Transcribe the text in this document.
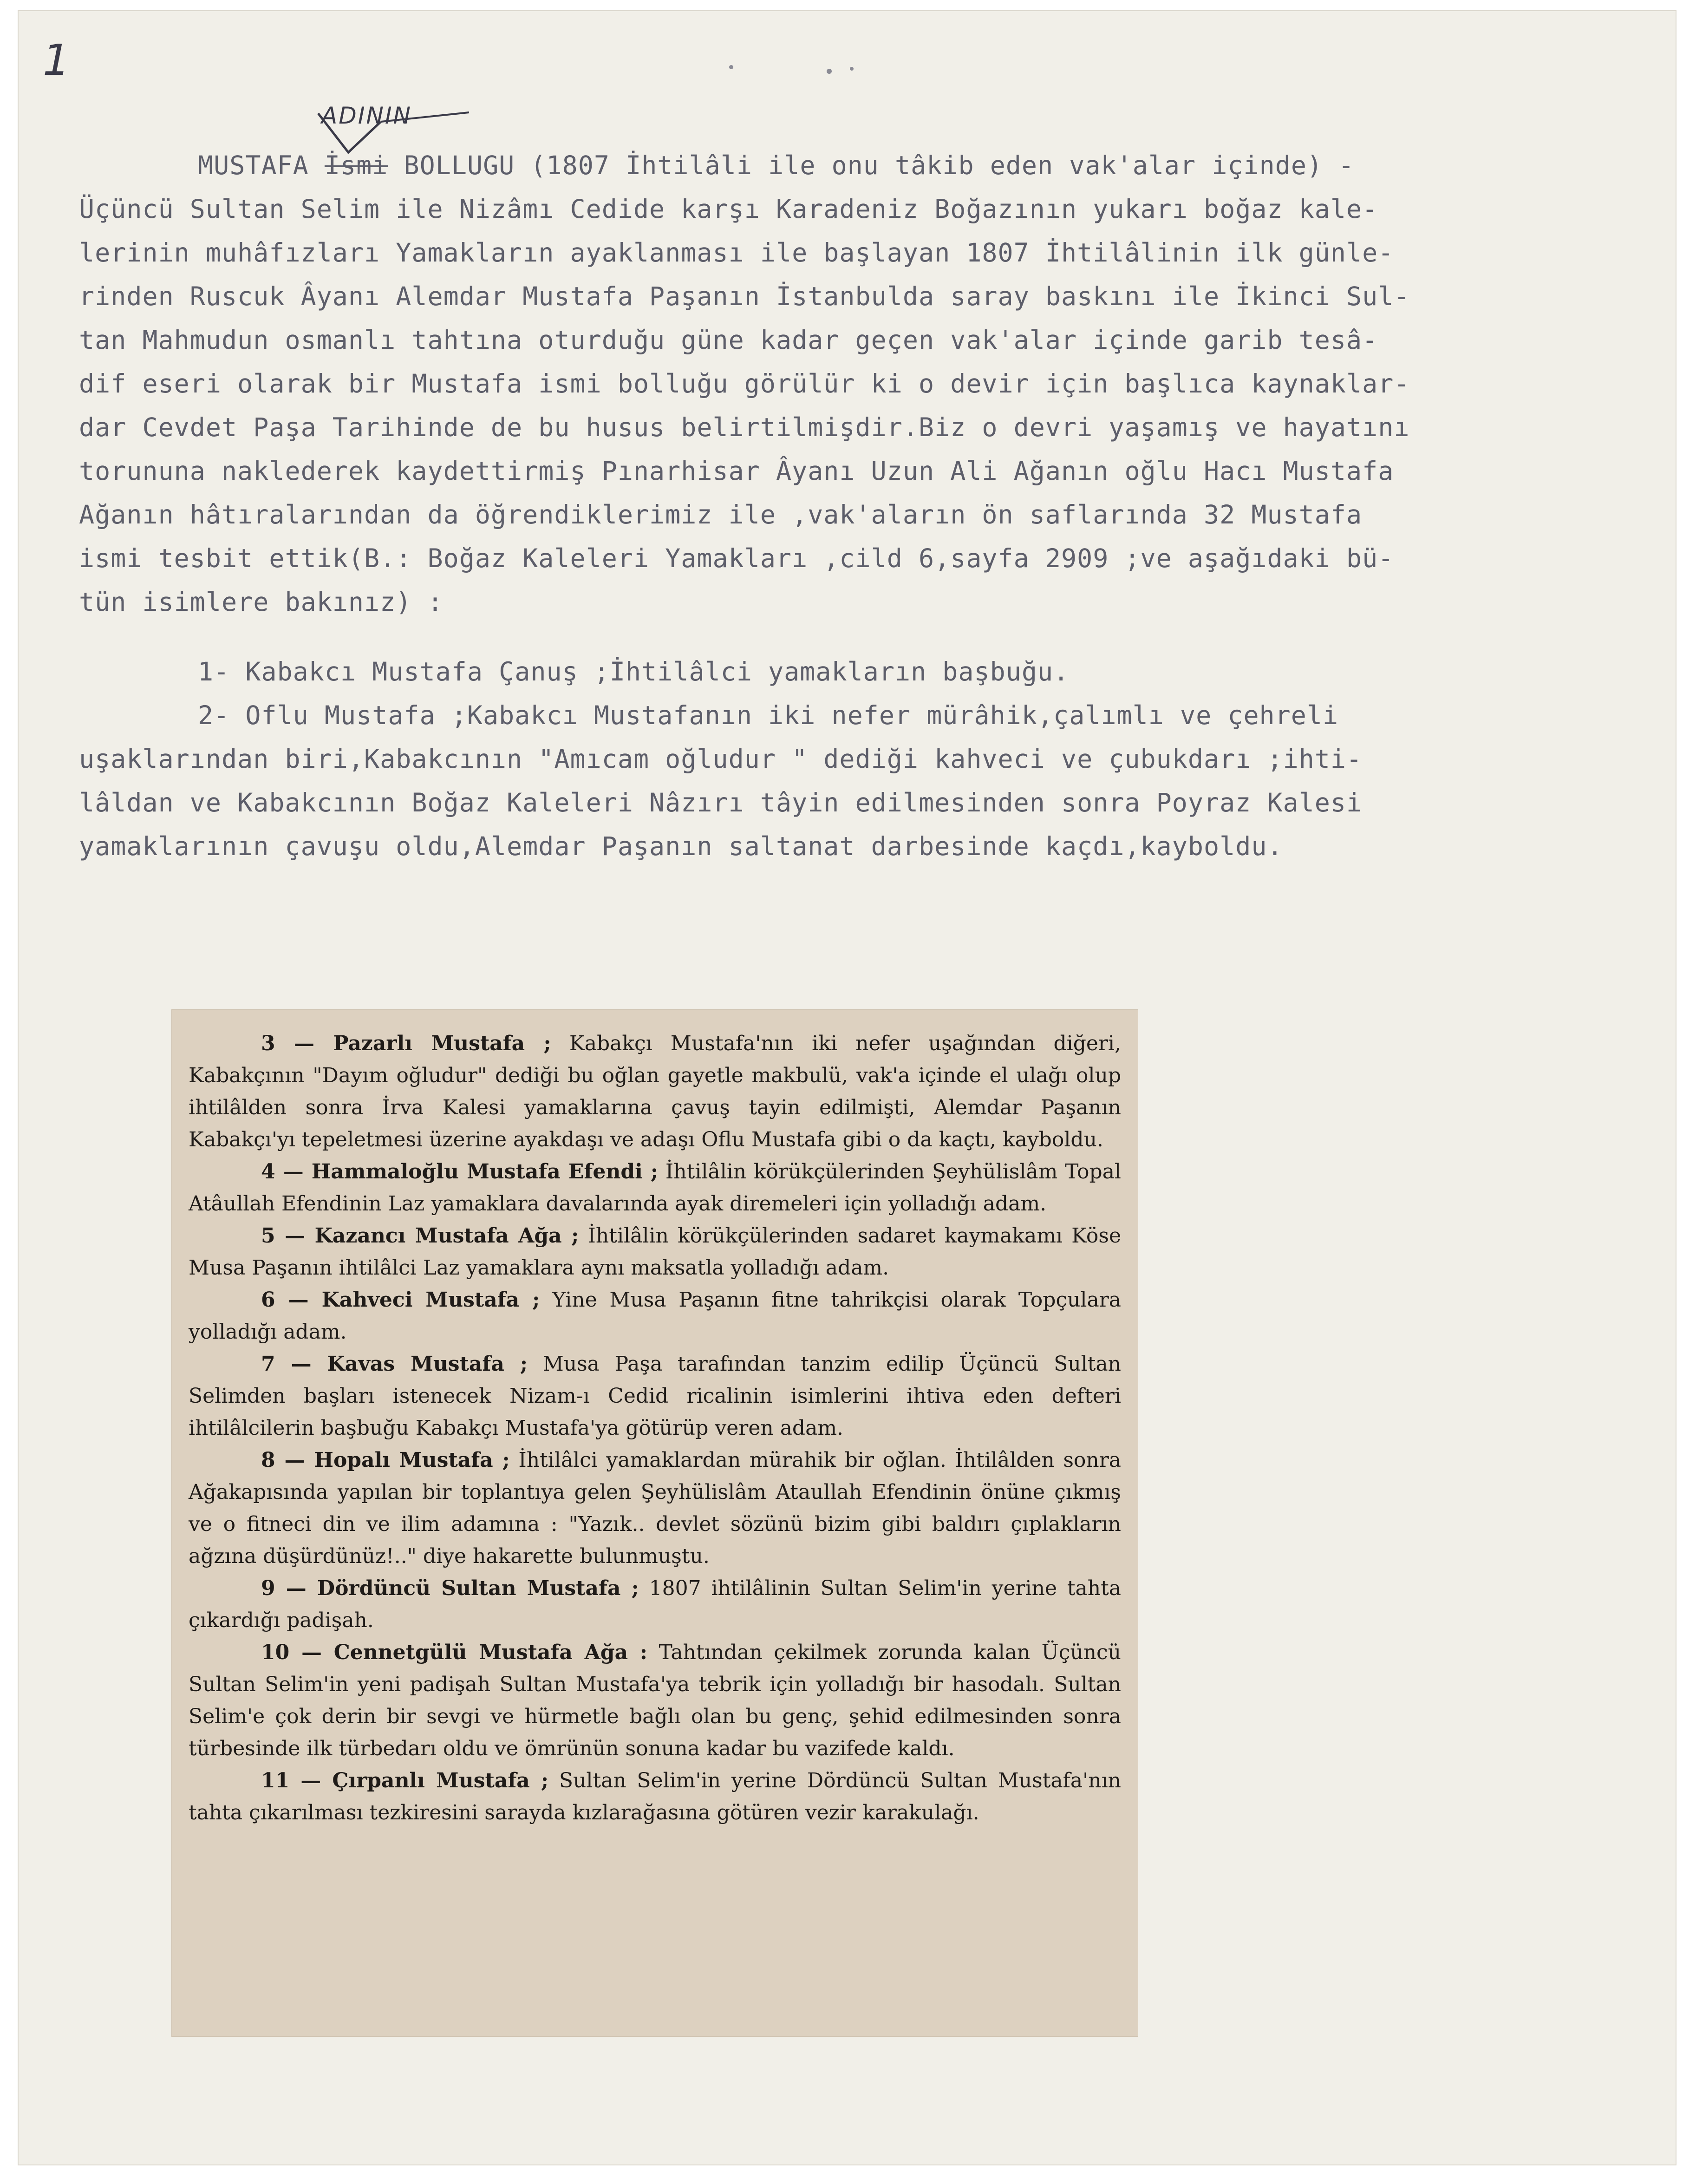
1
ADININ

MUSTAFA İsmi BOLLUGU (1807 İhtilâli ile onu tâkib eden vak'alar içinde) -

Üçüncü Sultan Selim ile Nizâmı Cedide karşı Karadeniz Boğazının yukarı boğaz kale-

lerinin muhâfızları Yamakların ayaklanması ile başlayan 1807 İhtilâlinin ilk günle-

rinden Ruscuk Âyanı Alemdar Mustafa Paşanın İstanbulda saray baskını ile İkinci Sul-

tan Mahmudun osmanlı tahtına oturduğu güne kadar geçen vak'alar içinde garib tesâ-

dif eseri olarak bir Mustafa ismi bolluğu görülür ki o devir için başlıca kaynaklar-

dar Cevdet Paşa Tarihinde de bu husus belirtilmişdir.Biz o devri yaşamış ve hayatını

torununa naklederek kaydettirmiş Pınarhisar Âyanı Uzun Ali Ağanın oğlu Hacı Mustafa

Ağanın hâtıralarından da öğrendiklerimiz ile ,vak'aların ön saflarında 32 Mustafa

ismi tesbit ettik(B.: Boğaz Kaleleri Yamakları ,cild 6,sayfa 2909 ;ve aşağıdaki bü-

tün isimlere bakınız) :

1- Kabakcı Mustafa Çanuş ;İhtilâlci yamakların başbuğu.

2- Oflu Mustafa ;Kabakcı Mustafanın iki nefer mürâhik,çalımlı ve çehreli

uşaklarından biri,Kabakcının "Amıcam oğludur " dediği kahveci ve çubukdarı ;ihti-

lâldan ve Kabakcının Boğaz Kaleleri Nâzırı tâyin edilmesinden sonra Poyraz Kalesi

yamaklarının çavuşu oldu,Alemdar Paşanın saltanat darbesinde kaçdı,kayboldu.

3 — Pazarlı Mustafa ; Kabakçı Mustafa'nın iki nefer uşağından diğeri, Kabakçının "Dayım oğludur" dediği bu oğlan gayetle makbulü, vak'a içinde el ulağı olup ihtilâlden sonra İrva Kalesi yamaklarına çavuş tayin edilmişti, Alemdar Paşanın Kabakçı'yı tepeletmesi üzerine ayakdaşı ve adaşı Oflu Mustafa gibi o da kaçtı, kayboldu.

4 — Hammaloğlu Mustafa Efendi ; İhtilâlin körükçülerinden Şeyhülislâm Topal Atâullah Efendinin Laz yamaklara davalarında ayak diremeleri için yolladığı adam.

5 — Kazancı Mustafa Ağa ; İhtilâlin körükçülerinden sadaret kaymakamı Köse Musa Paşanın ihtilâlci Laz yamaklara aynı maksatla yolladığı adam.

6 — Kahveci Mustafa ; Yine Musa Paşanın fitne tahrikçisi olarak Topçulara yolladığı adam.

7 — Kavas Mustafa ; Musa Paşa tarafından tanzim edilip Üçüncü Sultan Selimden başları istenecek Nizam-ı Cedid ricalinin isimlerini ihtiva eden defteri ihtilâlcilerin başbuğu Kabakçı Mustafa'ya götürüp veren adam.

8 — Hopalı Mustafa ; İhtilâlci yamaklardan mürahik bir oğlan. İhtilâlden sonra Ağakapısında yapılan bir toplantıya gelen Şeyhülislâm Ataullah Efendinin önüne çıkmış ve o fitneci din ve ilim adamına : "Yazık.. devlet sözünü bizim gibi baldırı çıplakların ağzına düşürdünüz!.." diye hakarette bulunmuştu.

9 — Dördüncü Sultan Mustafa ; 1807 ihtilâlinin Sultan Selim'in yerine tahta çıkardığı padişah.

10 — Cennetgülü Mustafa Ağa : Tahtından çekilmek zorunda kalan Üçüncü Sultan Selim'in yeni padişah Sultan Mustafa'ya tebrik için yolladığı bir hasodalı. Sultan Selim'e çok derin bir sevgi ve hürmetle bağlı olan bu genç, şehid edilmesinden sonra türbesinde ilk türbedarı oldu ve ömrünün sonuna kadar bu vazifede kaldı.

11 — Çırpanlı Mustafa ; Sultan Selim'in yerine Dördüncü Sultan Mustafa'nın tahta çıkarılması tezkiresini sarayda kızlarağasına götüren vezir karakulağı.
